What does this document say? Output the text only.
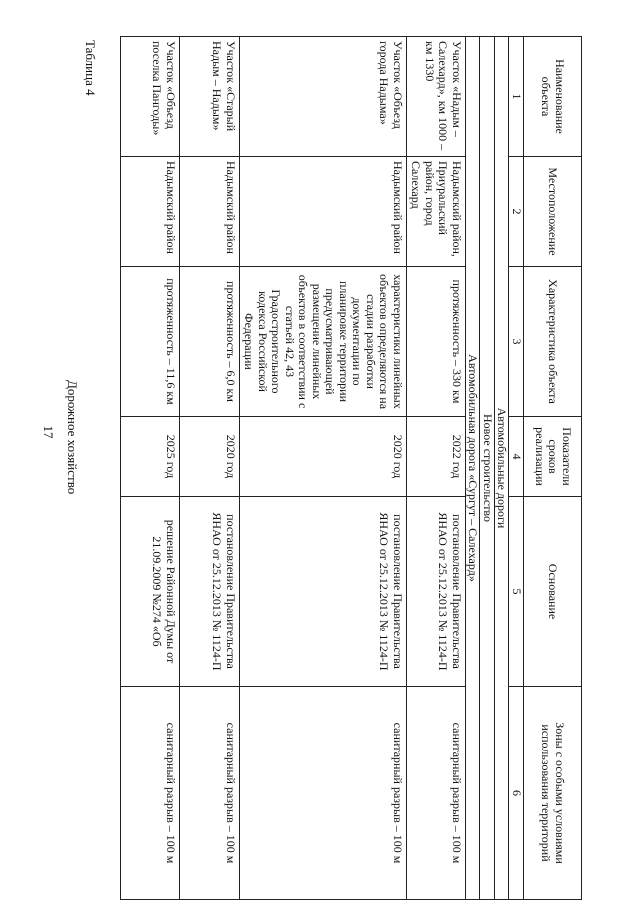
17 Дорожное хозяйство
Таблица 4	Наименование объекта	Местоположение	Характеристика объекта	Показатели сроков реализации	Основание	Зоны с особыми условиями использования территорий
1	2	3	4	5	6
Автомобильные дороги					
Новое строительство					
Автомобильная дорога «Сургут – Салехард»					
Участок «Надым – Салехард», км 1000 – км 1330	Надымский район, Приуральский район, город Салехард	протяженность – 330 км	2022 год	постановление Правительства ЯНАО от 25.12.2013 № 1124-П	санитарный разрыв – 100 м
Участок «Объезд города Надыма»	Надымский район	характеристики линейных объектов определяются на стадии разработки документации по планировке территории предусматривающей размещение линейных объектов в соответствии с статьей 42, 43 Градостроительного кодекса Российской Федерации	2020 год	постановление Правительства ЯНАО от 25.12.2013 № 1124-П	санитарный разрыв – 100 м
Участок «Старый Надым – Надым»	Надымский район	протяженность – 6,0 км	2020 год	постановление Правительства ЯНАО от 25.12.2013 № 1124-П	санитарный разрыв – 100 м
Участок «Объезд поселка Пангоды»	Надымский район	протяженность – 11,6 км	2025 год	решение Районной Думы от 21.09.2009 №274 «Об	санитарный разрыв – 100 м
